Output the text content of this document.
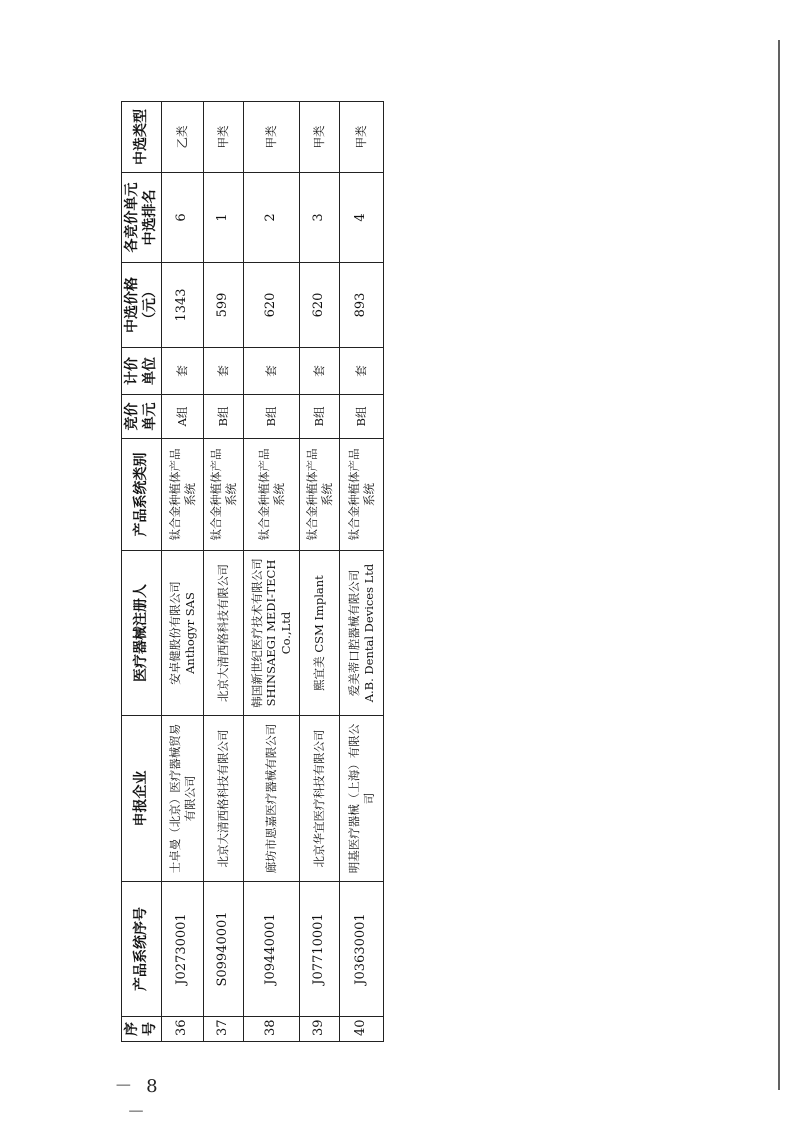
序号	产品系统序号	申报企业	医疗器械注册人	产品系统类别	竞价单元	计价单位	中选价格（元）	各竞价单元中选排名	中选类型
36	J02730001	士卓曼（北京）医疗器械贸易有限公司	安卓健股份有限公司 Anthogyr SAS	钛合金种植体产品系统	A组	套	1343	6	乙类
37	S09940001	北京大清西格科技有限公司	北京大清西格科技有限公司	钛合金种植体产品系统	B组	套	599	1	甲类
38	J09440001	廊坊市恩嘉医疗器械有限公司	韩国新世纪医疗技术有限公司 SHINSAEGI MEDI-TECH Co.,Ltd	钛合金种植体产品系统	B组	套	620	2	甲类
39	J07710001	北京华宜医疗科技有限公司	熙宜美 CSM Implant	钛合金种植体产品系统	B组	套	620	3	甲类
40	J03630001	明基医疗器械（上海）有限公司	爱美蒂口腔器械有限公司 A.B. Dental Devices Ltd	钛合金种植体产品系统	B组	套	893	4	甲类
－ 8 －
